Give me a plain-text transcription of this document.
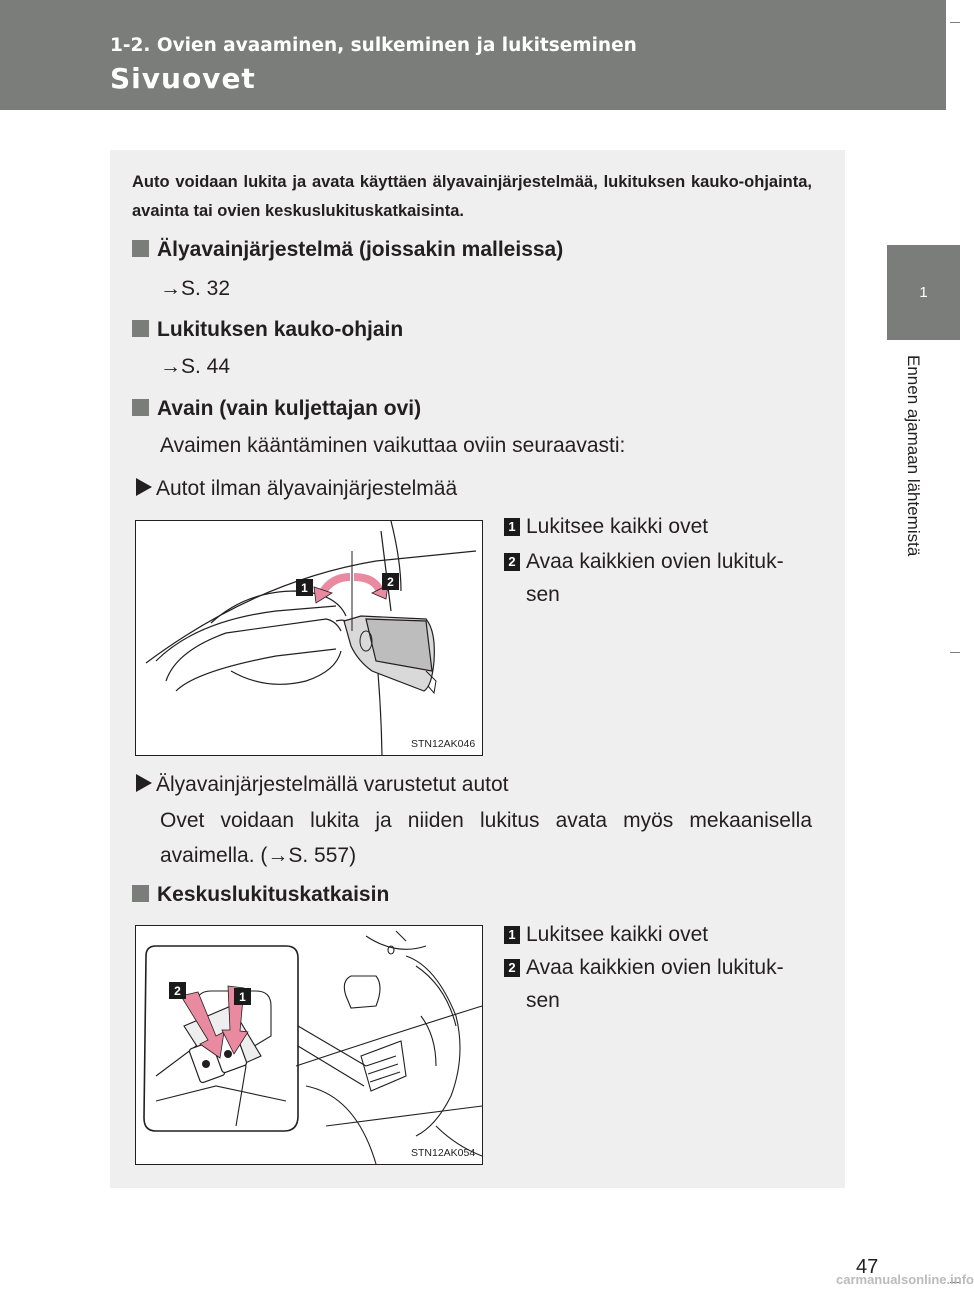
1-2. Ovien avaaminen, sulkeminen ja lukitseminen
Sivuovet
1
Ennen ajamaan lähtemistä
Auto voidaan lukita ja avata käyttäen älyavainjärjestelmää, lukituksen kauko-ohjainta, avainta tai ovien keskuslukituskatkaisinta.
Älyavainjärjestelmä (joissakin malleissa)
→S. 32
Lukituksen kauko-ohjain
→S. 44
Avain (vain kuljettajan ovi)
Avaimen kääntäminen vaikuttaa oviin seuraavasti:
Autot ilman älyavainjärjestelmää
1	2
STN12AK046
1 Lukitsee kaikki ovet
2 Avaa kaikkien ovien lukituk-
sen
Älyavainjärjestelmällä varustetut autot
Ovet voidaan lukita ja niiden lukitus avata myös mekaanisella avaimella. (→S. 557)
Keskuslukituskatkaisin
2	1
STN12AK054
1 Lukitsee kaikki ovet
2 Avaa kaikkien ovien lukituk-
sen
47
carmanualsonline.info
